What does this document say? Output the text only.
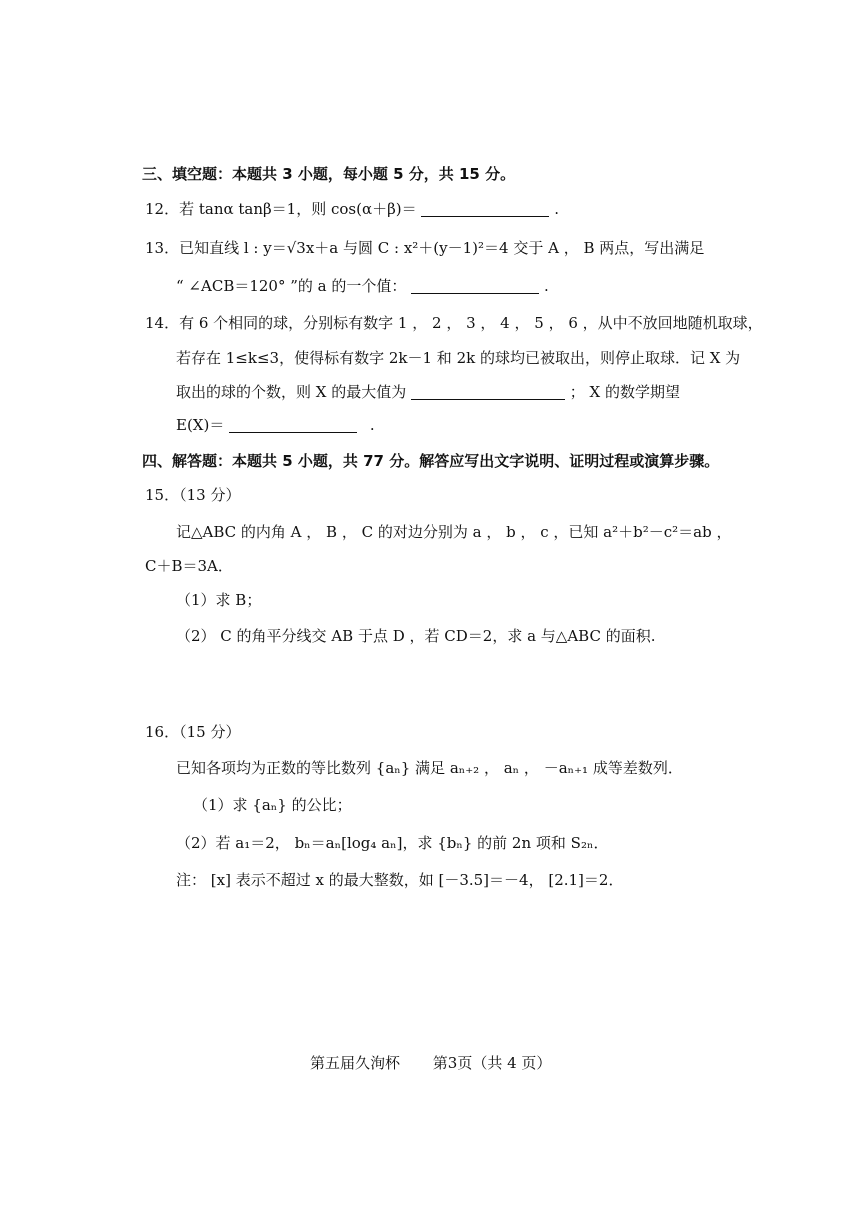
三、填空题：本题共 3 小题，每小题 5 分，共 15 分。
12．若 tanα tanβ＝1，则 cos(α＋β)＝	.
13．已知直线 l : y＝√3x＋a 与圆 C : x²＋(y－1)²＝4 交于 A ， B 两点，写出满足
“ ∠ACB＝120° ”的 a 的一个值：	.
14．有 6 个相同的球，分别标有数字 1 ， 2 ， 3 ， 4 ， 5 ， 6 ，从中不放回地随机取球，
若存在 1≤k≤3，使得标有数字 2k－1 和 2k 的球均已被取出，则停止取球．记 X 为
取出的球的个数，则 X 的最大值为	； X 的数学期望
E(X)＝	.
四、解答题：本题共 5 小题，共 77 分。解答应写出文字说明、证明过程或演算步骤。
15．（13 分）
记△ABC 的内角 A ， B ， C 的对边分别为 a ， b ， c ，已知 a²＋b²－c²＝ab ，
C＋B＝3A．
（1）求 B；
（2） C 的角平分线交 AB 于点 D ，若 CD＝2，求 a 与△ABC 的面积.
16．（15 分）
已知各项均为正数的等比数列 {aₙ} 满足 aₙ₊₂ ， aₙ ， －aₙ₊₁ 成等差数列．
（1）求 {aₙ} 的公比；
（2）若 a₁＝2， bₙ＝aₙ[log₄ aₙ]，求 {bₙ} 的前 2n 项和 S₂ₙ．
注： [x] 表示不超过 x 的最大整数，如 [－3.5]＝－4， [2.1]＝2．
第五届久洵杯 第3页（共 4 页）
